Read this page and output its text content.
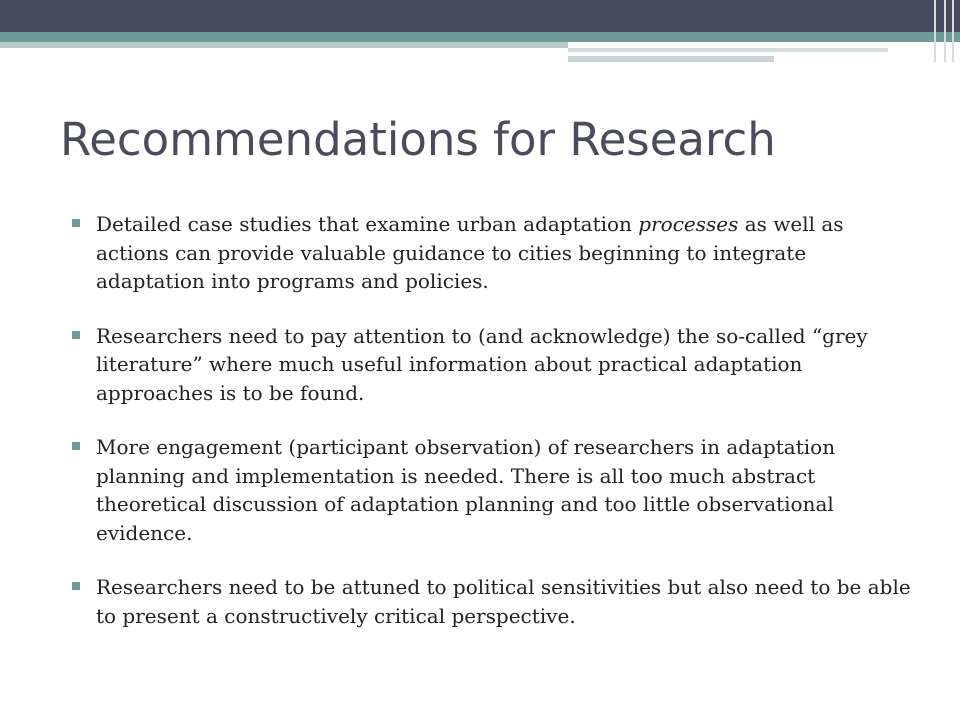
Recommendations for Research
Detailed case studies that examine urban adaptation processes as well as actions can provide valuable guidance to cities beginning to integrate adaptation into programs and policies.
Researchers need to pay attention to (and acknowledge) the so-called “grey literature” where much useful information about practical adaptation approaches is to be found.
More engagement (participant observation) of researchers in adaptation planning and implementation is needed. There is all too much abstract theoretical discussion of adaptation planning and too little observational evidence.
Researchers need to be attuned to political sensitivities but also need to be able to present a constructively critical perspective.
